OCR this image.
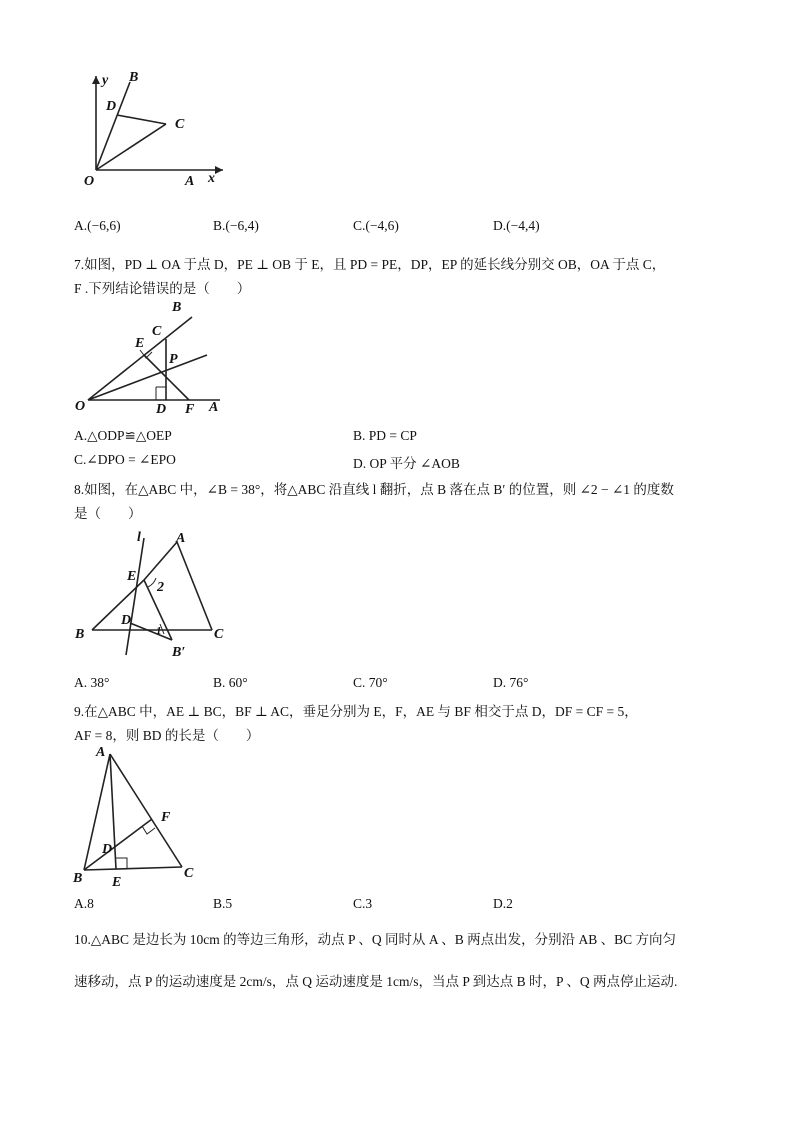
y B
D
C
O	A x
A.(−6,6)	B.(−6,4)	C.(−4,6)	D.(−4,4)
7.如图，PD ⊥ OA 于点 D，PE ⊥ OB 于 E，且 PD = PE，DP，EP 的延长线分别交 OB，OA 于点 C，
F .下列结论错误的是（　　）
B
C
E
P
O	D F A
A.△ODP≌△OEP	B. PD = CP
C.∠DPO = ∠EPO	D. OP 平分 ∠AOB
8.如图，在△ABC 中，∠B = 38°，将△ABC 沿直线 l 翻折，点 B 落在点 B′ 的位置，则 ∠2 − ∠1 的度数
是（　　）
l	A
E
2
D
B	C
1
B′
A. 38°	B. 60°	C. 70°	D. 76°
9.在△ABC 中，AE ⊥ BC，BF ⊥ AC，垂足分别为 E，F，AE 与 BF 相交于点 D，DF = CF = 5，
AF = 8，则 BD 的长是（　　）
A
F
D
B E
C
A.8	B.5	C.3	D.2
10.△ABC 是边长为 10cm 的等边三角形，动点 P 、Q 同时从 A 、B 两点出发，分别沿 AB 、BC 方向匀
速移动，点 P 的运动速度是 2cm/s，点 Q 运动速度是 1cm/s，当点 P 到达点 B 时，P 、Q 两点停止运动.
